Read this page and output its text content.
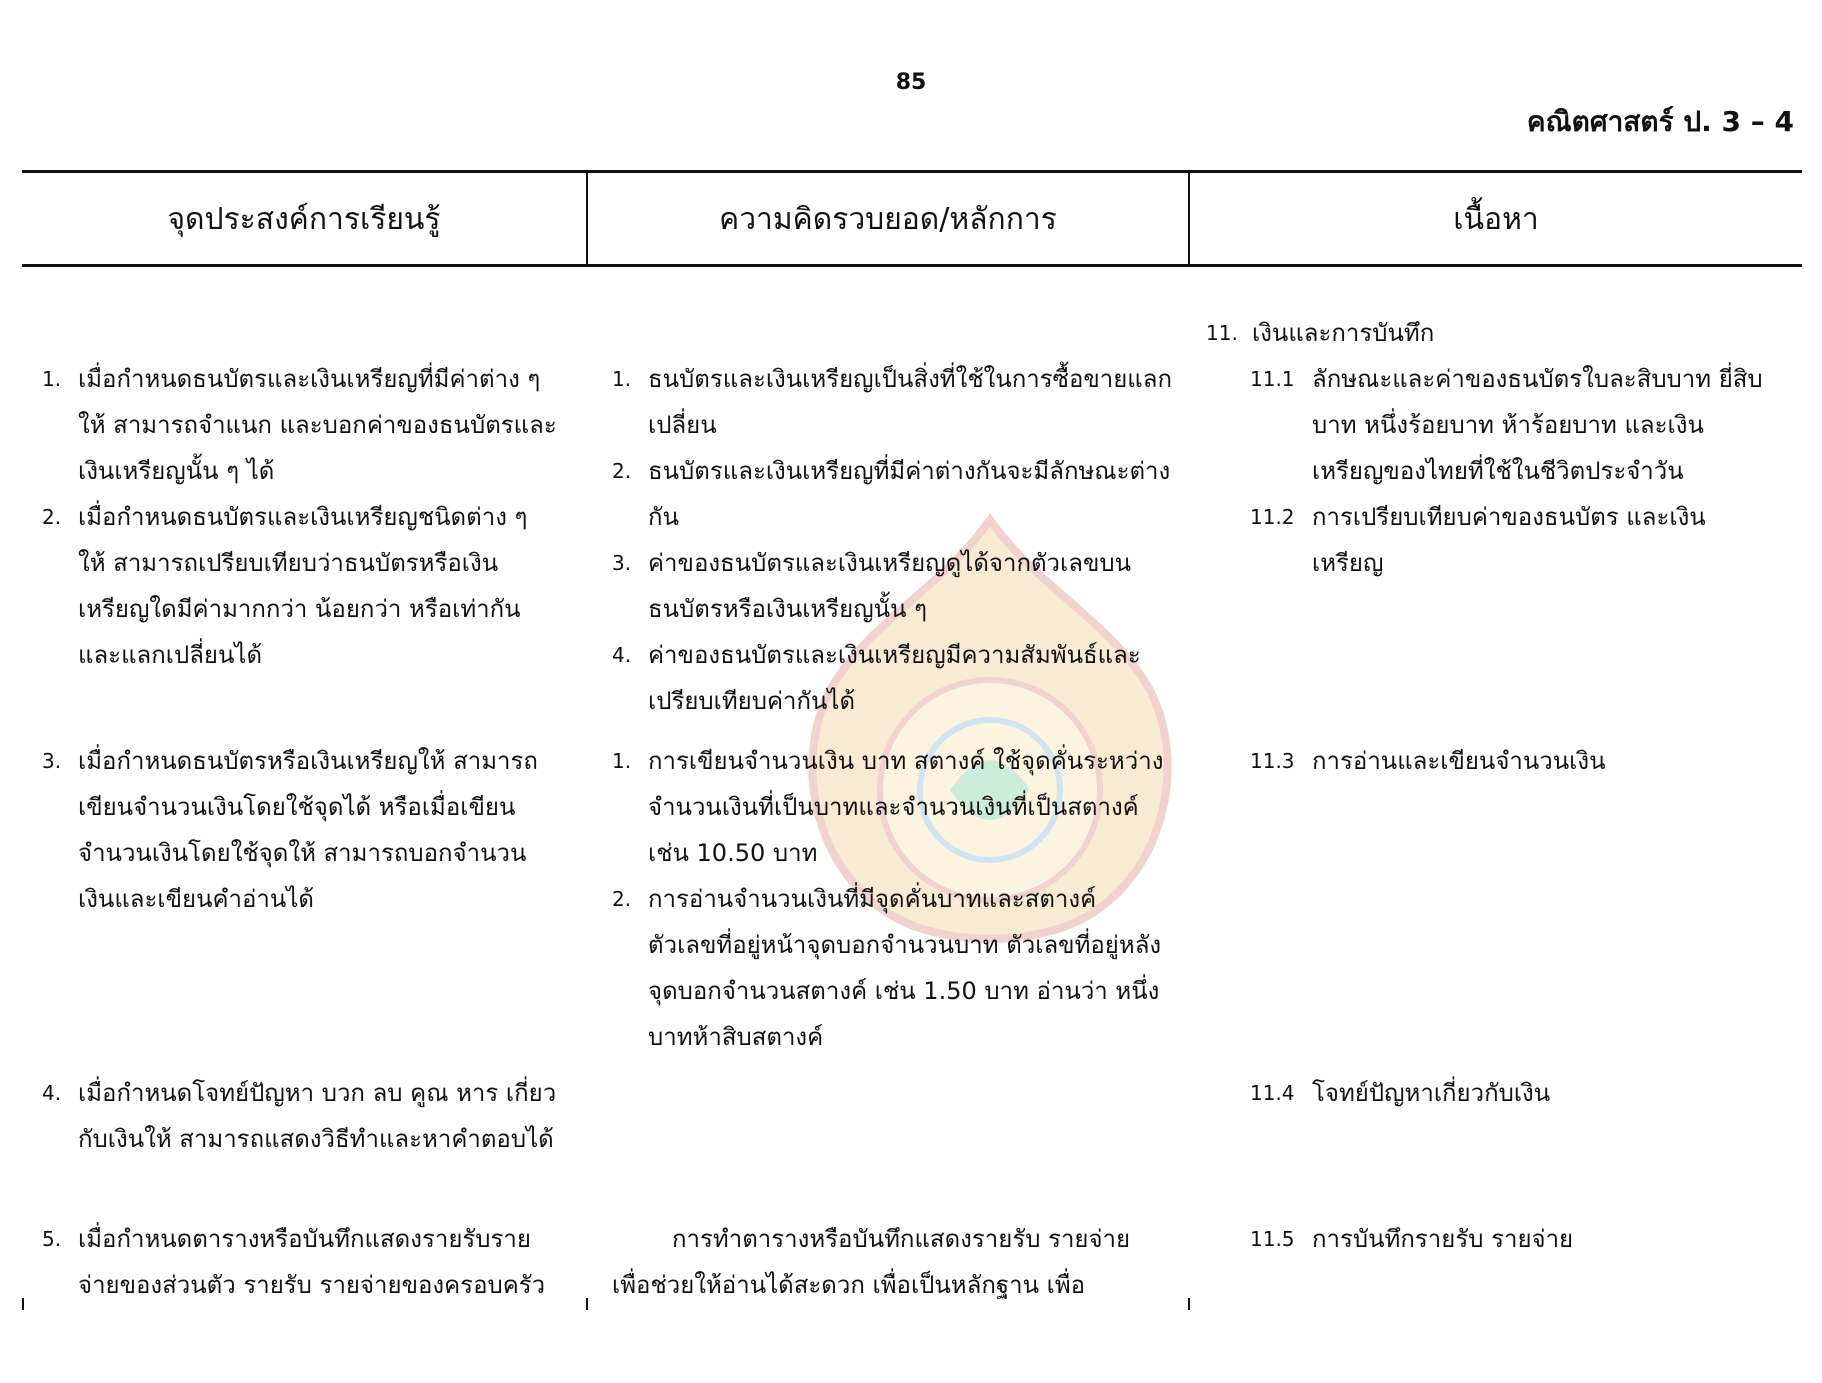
85
คณิตศาสตร์ ป. 3 – 4
จุดประสงค์การเรียนรู้	ความคิดรวบยอด/หลักการ	เนื้อหา
1. เมื่อกำหนดธนบัตรและเงินเหรียญที่มีค่าต่าง ๆ ให้ สามารถจำแนก และบอกค่าของธนบัตรและเงินเหรียญนั้น ๆ ได้
2. เมื่อกำหนดธนบัตรและเงินเหรียญชนิดต่าง ๆ ให้ สามารถเปรียบเทียบว่าธนบัตรหรือเงินเหรียญใดมีค่ามากกว่า น้อยกว่า หรือเท่ากัน และแลกเปลี่ยนได้
3. เมื่อกำหนดธนบัตรหรือเงินเหรียญให้ สามารถเขียนจำนวนเงินโดยใช้จุดได้ หรือเมื่อเขียนจำนวนเงินโดยใช้จุดให้ สามารถบอกจำนวนเงินและเขียนคำอ่านได้
4. เมื่อกำหนดโจทย์ปัญหา บวก ลบ คูณ หาร เกี่ยวกับเงินให้ สามารถแสดงวิธีทำและหาคำตอบได้
5. เมื่อกำหนดตารางหรือบันทึกแสดงรายรับรายจ่ายของส่วนตัว รายรับ รายจ่ายของครอบครัว
1. ธนบัตรและเงินเหรียญเป็นสิ่งที่ใช้ในการซื้อขายแลกเปลี่ยน
2. ธนบัตรและเงินเหรียญที่มีค่าต่างกันจะมีลักษณะต่างกัน
3. ค่าของธนบัตรและเงินเหรียญดูได้จากตัวเลขบนธนบัตรหรือเงินเหรียญนั้น ๆ
4. ค่าของธนบัตรและเงินเหรียญมีความสัมพันธ์และเปรียบเทียบค่ากันได้
1. การเขียนจำนวนเงิน บาท สตางค์ ใช้จุดคั่นระหว่างจำนวนเงินที่เป็นบาทและจำนวนเงินที่เป็นสตางค์ เช่น 10.50 บาท
2. การอ่านจำนวนเงินที่มีจุดคั่นบาทและสตางค์ ตัวเลขที่อยู่หน้าจุดบอกจำนวนบาท ตัวเลขที่อยู่หลังจุดบอกจำนวนสตางค์ เช่น 1.50 บาท อ่านว่า หนึ่งบาทห้าสิบสตางค์
การทำตารางหรือบันทึกแสดงรายรับ รายจ่าย เพื่อช่วยให้อ่านได้สะดวก เพื่อเป็นหลักฐาน เพื่อ
11. เงินและการบันทึก
11.1 ลักษณะและค่าของธนบัตรใบละสิบบาท ยี่สิบบาท หนึ่งร้อยบาท ห้าร้อยบาท และเงินเหรียญของไทยที่ใช้ในชีวิตประจำวัน
11.2 การเปรียบเทียบค่าของธนบัตร และเงินเหรียญ
11.3 การอ่านและเขียนจำนวนเงิน
11.4 โจทย์ปัญหาเกี่ยวกับเงิน
11.5 การบันทึกรายรับ รายจ่าย
